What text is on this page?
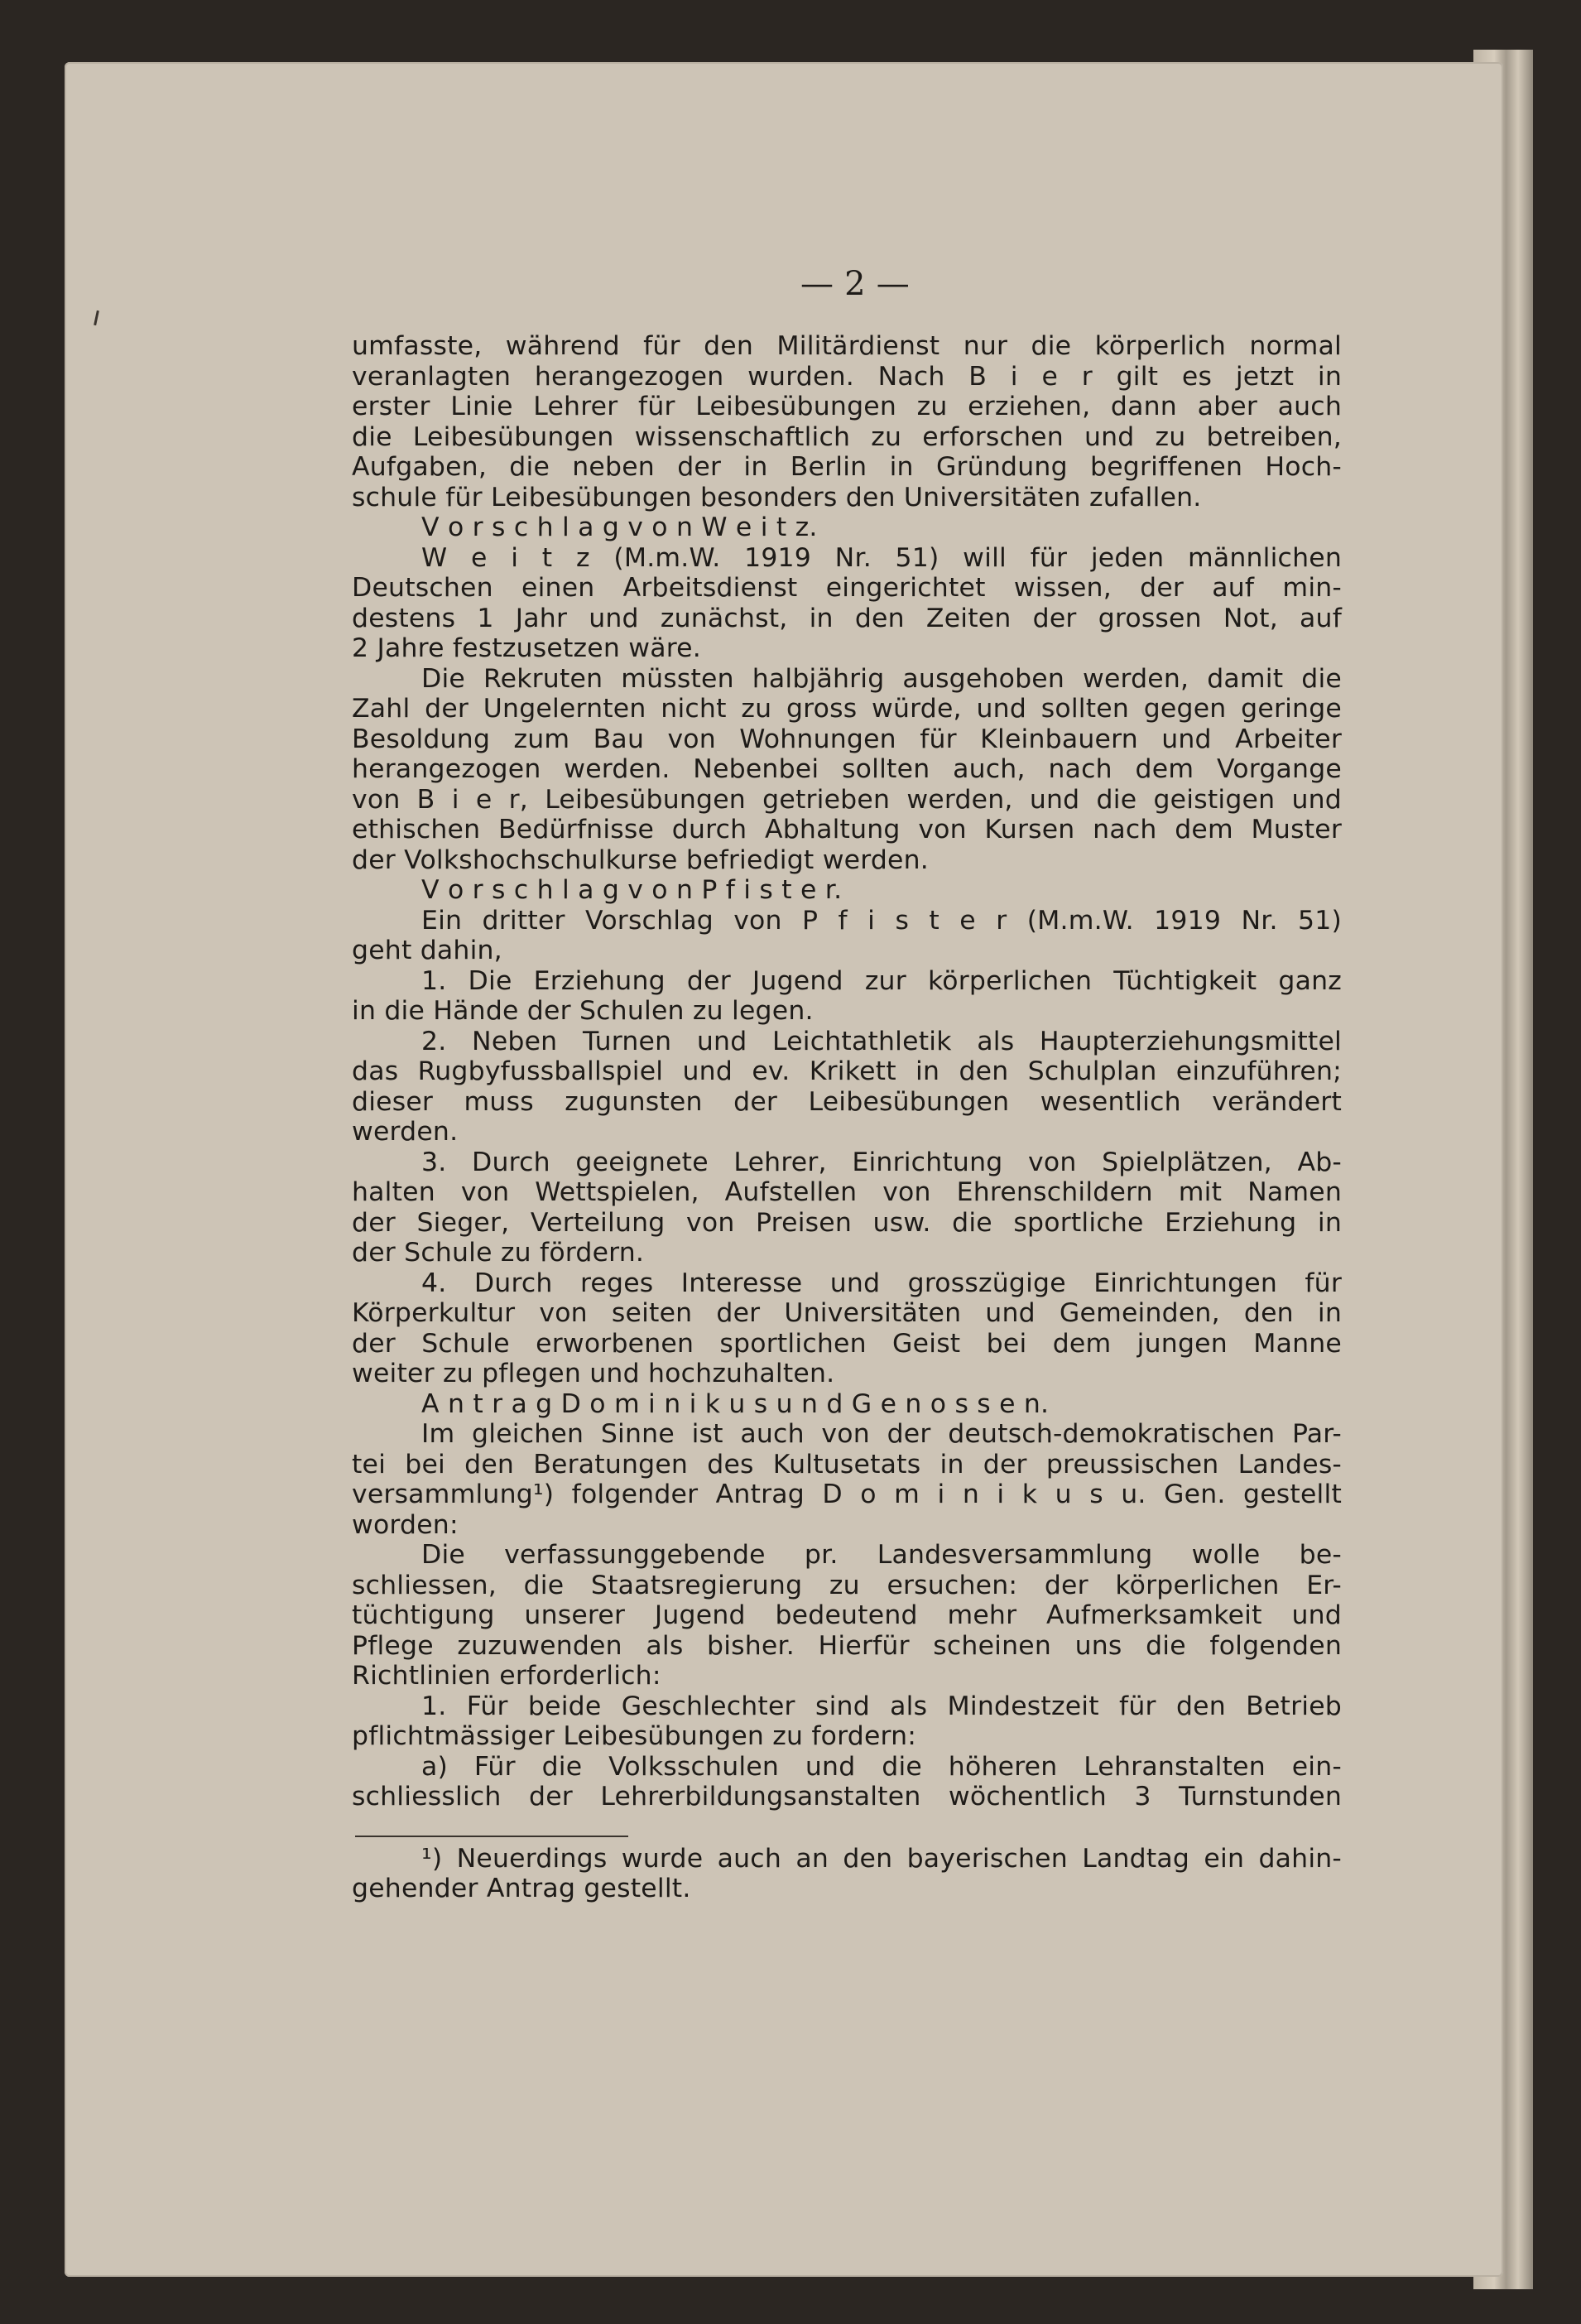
— 2 —
umfasste, während für den Militärdienst nur die körperlich normal
veranlagten herangezogen wurden. Nach B i e r gilt es jetzt in
erster Linie Lehrer für Leibesübungen zu erziehen, dann aber auch
die Leibesübungen wissenschaftlich zu erforschen und zu betreiben,
Aufgaben, die neben der in Berlin in Gründung begriffenen Hoch-
schule für Leibesübungen besonders den Universitäten zufallen.
V o r s c h l a g v o n W e i t z.
W e i t z (M.m.W. 1919 Nr. 51) will für jeden männlichen
Deutschen einen Arbeitsdienst eingerichtet wissen, der auf min-
destens 1 Jahr und zunächst, in den Zeiten der grossen Not, auf
2 Jahre festzusetzen wäre.
Die Rekruten müssten halbjährig ausgehoben werden, damit die
Zahl der Ungelernten nicht zu gross würde, und sollten gegen geringe
Besoldung zum Bau von Wohnungen für Kleinbauern und Arbeiter
herangezogen werden. Nebenbei sollten auch, nach dem Vorgange
von B i e r, Leibesübungen getrieben werden, und die geistigen und
ethischen Bedürfnisse durch Abhaltung von Kursen nach dem Muster
der Volkshochschulkurse befriedigt werden.
V o r s c h l a g v o n P f i s t e r.
Ein dritter Vorschlag von P f i s t e r (M.m.W. 1919 Nr. 51)
geht dahin,
1. Die Erziehung der Jugend zur körperlichen Tüchtigkeit ganz
in die Hände der Schulen zu legen.
2. Neben Turnen und Leichtathletik als Haupterziehungsmittel
das Rugbyfussballspiel und ev. Krikett in den Schulplan einzuführen;
dieser muss zugunsten der Leibesübungen wesentlich verändert
werden.
3. Durch geeignete Lehrer, Einrichtung von Spielplätzen, Ab-
halten von Wettspielen, Aufstellen von Ehrenschildern mit Namen
der Sieger, Verteilung von Preisen usw. die sportliche Erziehung in
der Schule zu fördern.
4. Durch reges Interesse und grosszügige Einrichtungen für
Körperkultur von seiten der Universitäten und Gemeinden, den in
der Schule erworbenen sportlichen Geist bei dem jungen Manne
weiter zu pflegen und hochzuhalten.
A n t r a g D o m i n i k u s u n d G e n o s s e n.
Im gleichen Sinne ist auch von der deutsch-demokratischen Par-
tei bei den Beratungen des Kultusetats in der preussischen Landes-
versammlung¹) folgender Antrag D o m i n i k u s u. Gen. gestellt
worden:
Die verfassunggebende pr. Landesversammlung wolle be-
schliessen, die Staatsregierung zu ersuchen: der körperlichen Er-
tüchtigung unserer Jugend bedeutend mehr Aufmerksamkeit und
Pflege zuzuwenden als bisher. Hierfür scheinen uns die folgenden
Richtlinien erforderlich:
1. Für beide Geschlechter sind als Mindestzeit für den Betrieb
pflichtmässiger Leibesübungen zu fordern:
a) Für die Volksschulen und die höheren Lehranstalten ein-
schliesslich der Lehrerbildungsanstalten wöchentlich 3 Turnstunden
¹) Neuerdings wurde auch an den bayerischen Landtag ein dahin-
gehender Antrag gestellt.
